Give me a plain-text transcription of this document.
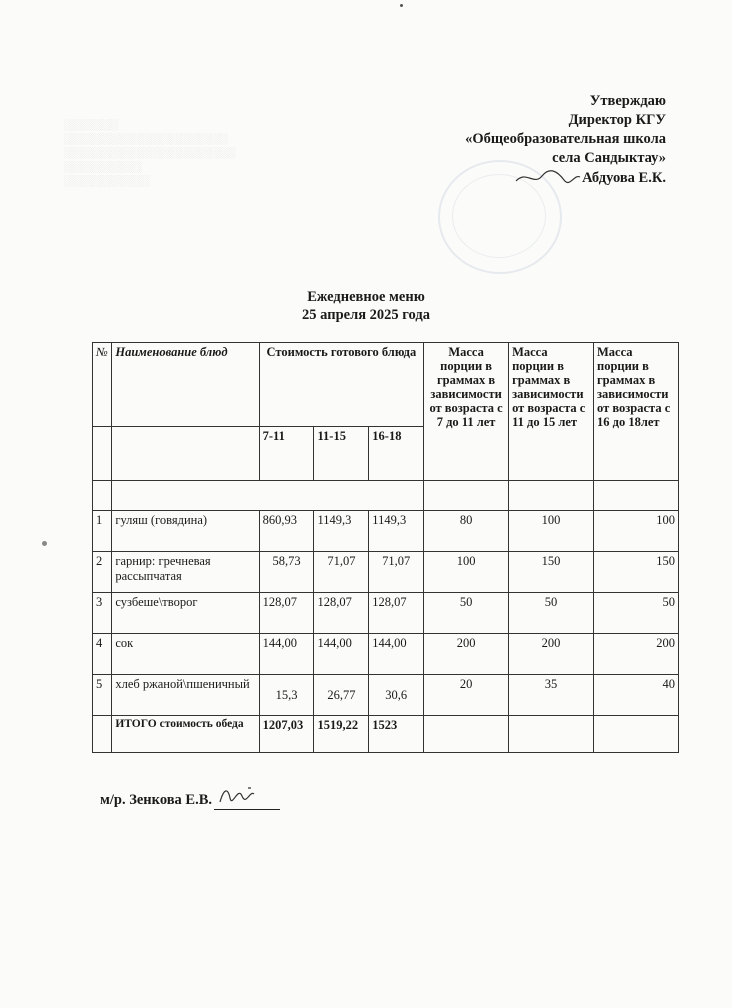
░░░░░░░
░░░░░░░░░░░░░░░░░░░░░
░░░░░░░░░░░░░░░░░░░░░░
░░░░░░░░░░
░░░░░░░░░░░
Утверждаю
Директор КГУ
«Общеобразовательная школа
села Сандыктау»
Абдуова Е.К.
Ежедневное меню
25 апреля 2025 года
№	Наименование блюд	Стоимость готового блюда			Масса порции в граммах в зависимости от возраста с 7 до 11 лет	Масса порции в граммах в зависимости от возраста с 11 до 15 лет	Масса порции в граммах в зависимости от возраста с 16 до 18лет
		7-11	11-15	16-18			

1	гуляш (говядина)	860,93	1149,3	1149,3	80	100	100
2	гарнир: гречневая рассыпчатая	58,73	71,07	71,07	100	150	150
3	сузбеше\творог	128,07	128,07	128,07	50	50	50
4	сок	144,00	144,00	144,00	200	200	200
5	хлеб ржаной\пшеничный	15,3	26,77	30,6	20	35	40
	ИТОГО стоимость обеда	1207,03	1519,22	1523			
м/р. Зенкова Е.В.
